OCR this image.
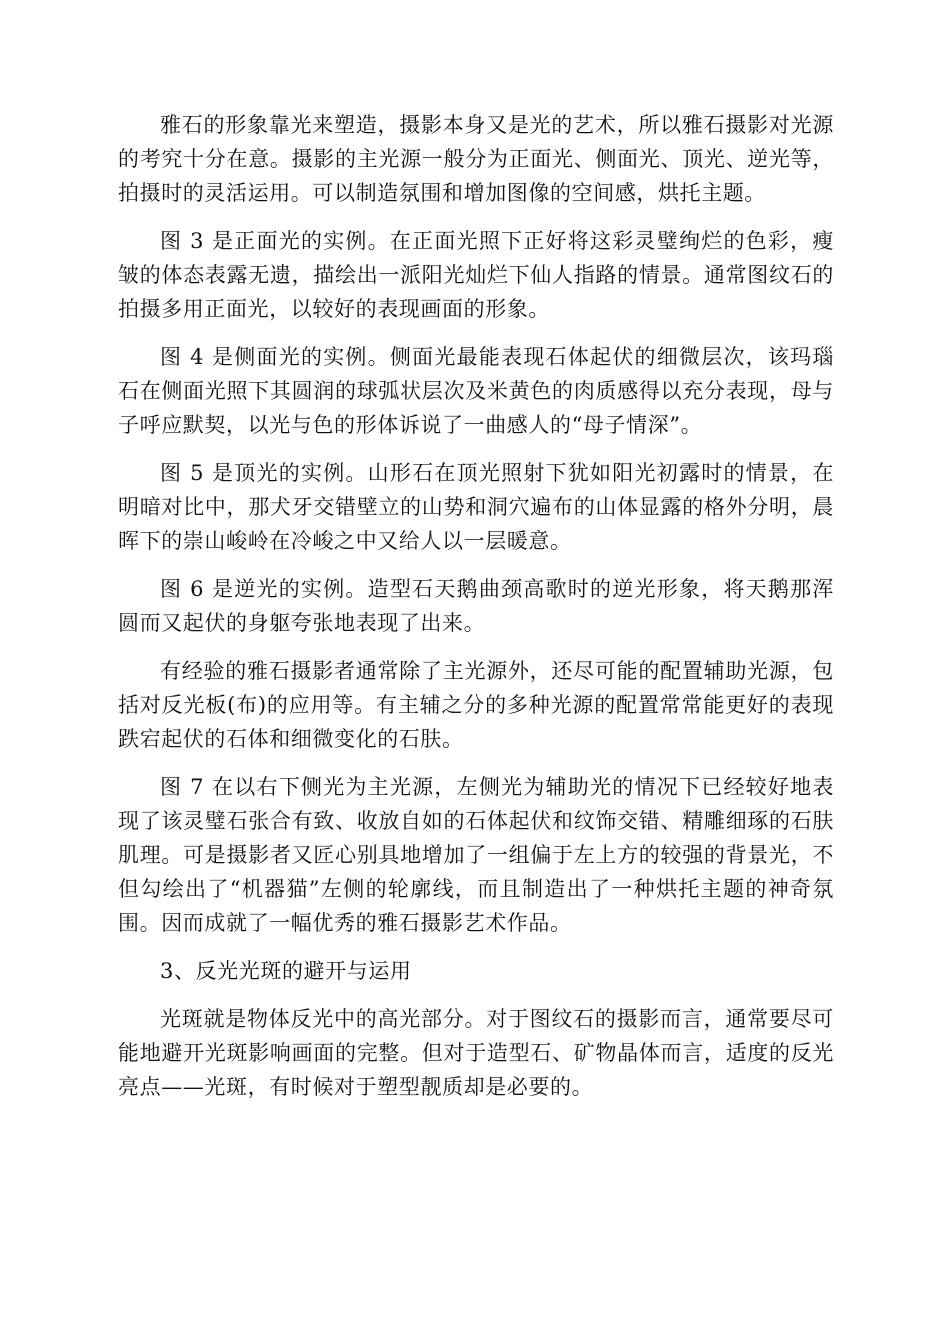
雅石的形象靠光来塑造，摄影本身又是光的艺术，所以雅石摄影对光源的考究十分在意。摄影的主光源一般分为正面光、侧面光、顶光、逆光等，拍摄时的灵活运用。可以制造氛围和增加图像的空间感，烘托主题。

图 3 是正面光的实例。在正面光照下正好将这彩灵璧绚烂的色彩，瘦皱的体态表露无遗，描绘出一派阳光灿烂下仙人指路的情景。通常图纹石的拍摄多用正面光，以较好的表现画面的形象。

图 4 是侧面光的实例。侧面光最能表现石体起伏的细微层次，该玛瑙石在侧面光照下其圆润的球弧状层次及米黄色的肉质感得以充分表现，母与子呼应默契，以光与色的形体诉说了一曲感人的“母子情深”。

图 5 是顶光的实例。山形石在顶光照射下犹如阳光初露时的情景，在明暗对比中，那犬牙交错壁立的山势和洞穴遍布的山体显露的格外分明，晨晖下的崇山峻岭在冷峻之中又给人以一层暖意。

图 6 是逆光的实例。造型石天鹅曲颈高歌时的逆光形象，将天鹅那浑圆而又起伏的身躯夸张地表现了出来。

有经验的雅石摄影者通常除了主光源外，还尽可能的配置辅助光源，包括对反光板(布)的应用等。有主辅之分的多种光源的配置常常能更好的表现跌宕起伏的石体和细微变化的石肤。

图 7 在以右下侧光为主光源，左侧光为辅助光的情况下已经较好地表现了该灵璧石张合有致、收放自如的石体起伏和纹饰交错、精雕细琢的石肤肌理。可是摄影者又匠心别具地增加了一组偏于左上方的较强的背景光，不但勾绘出了“机器猫”左侧的轮廓线，而且制造出了一种烘托主题的神奇氛围。因而成就了一幅优秀的雅石摄影艺术作品。

3、反光光斑的避开与运用

光斑就是物体反光中的高光部分。对于图纹石的摄影而言，通常要尽可能地避开光斑影响画面的完整。但对于造型石、矿物晶体而言，适度的反光亮点——光斑，有时候对于塑型靓质却是必要的。
